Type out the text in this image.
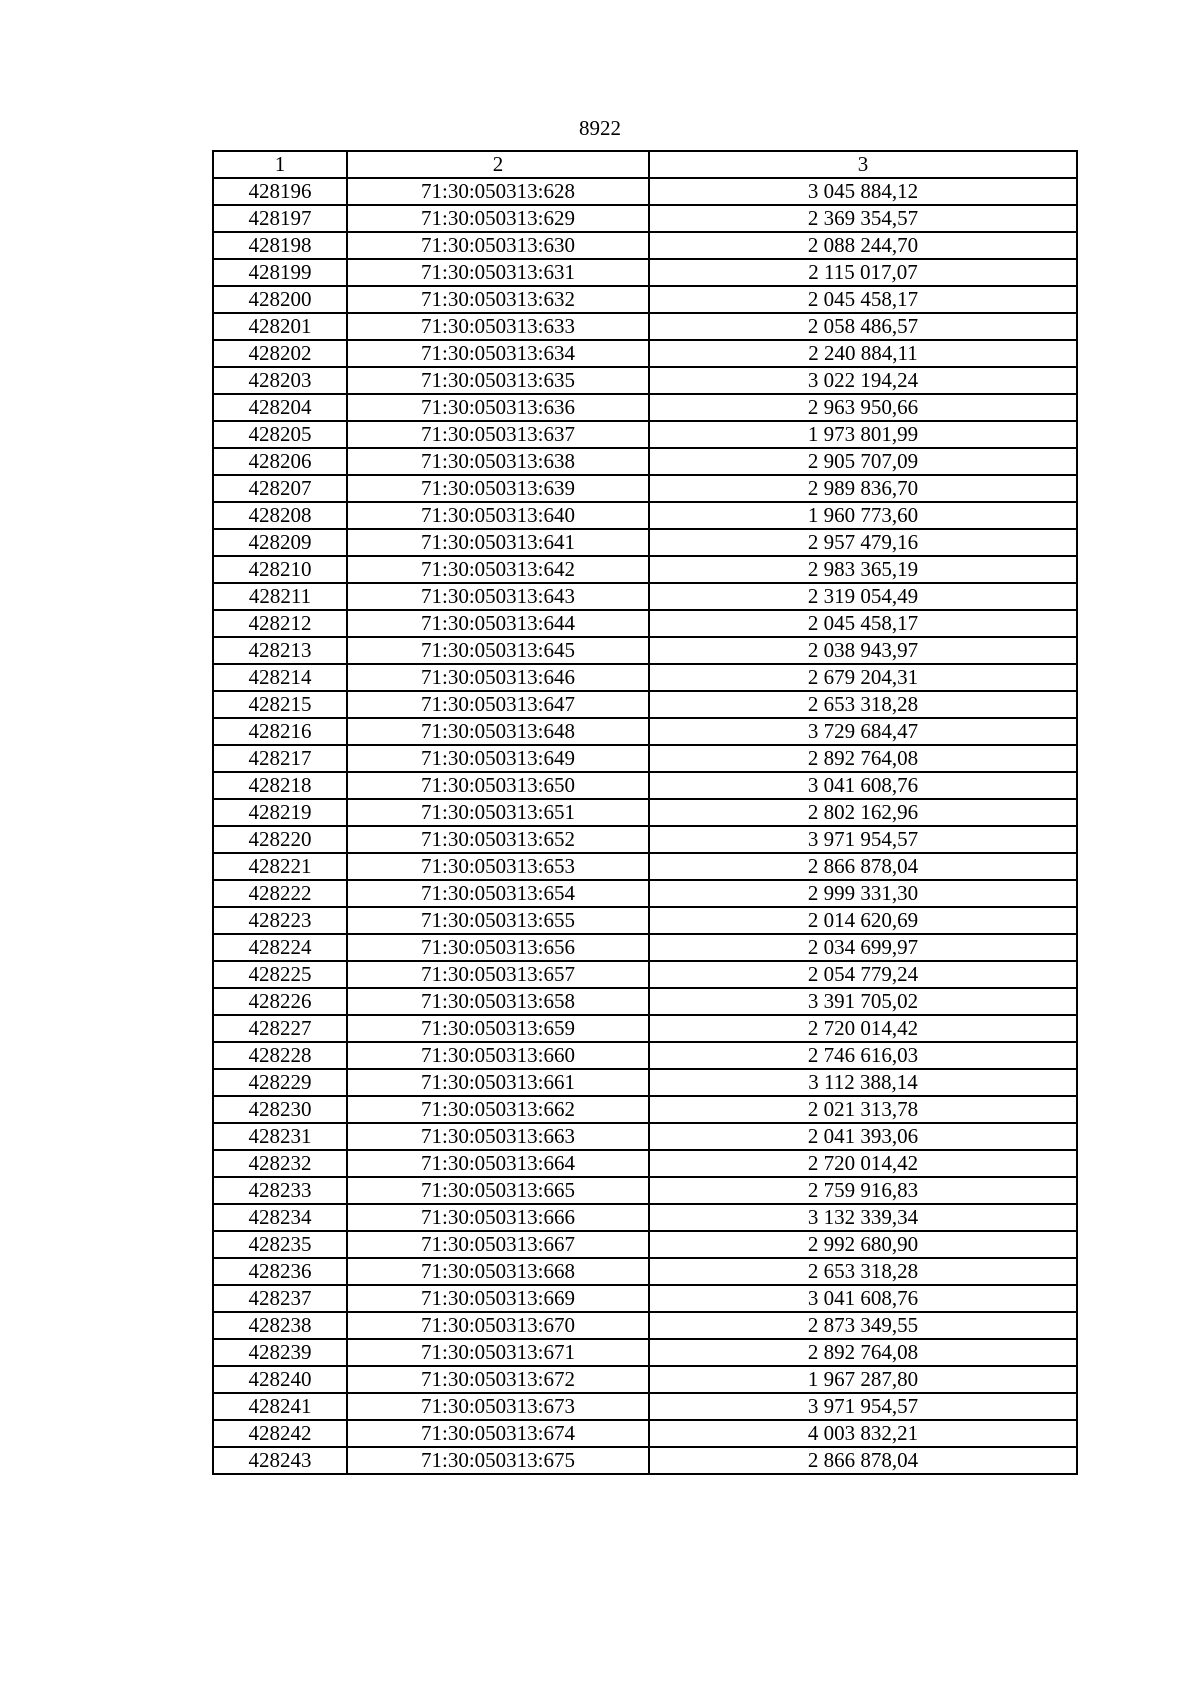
8922
1	2	3
428196	71:30:050313:628	3 045 884,12
428197	71:30:050313:629	2 369 354,57
428198	71:30:050313:630	2 088 244,70
428199	71:30:050313:631	2 115 017,07
428200	71:30:050313:632	2 045 458,17
428201	71:30:050313:633	2 058 486,57
428202	71:30:050313:634	2 240 884,11
428203	71:30:050313:635	3 022 194,24
428204	71:30:050313:636	2 963 950,66
428205	71:30:050313:637	1 973 801,99
428206	71:30:050313:638	2 905 707,09
428207	71:30:050313:639	2 989 836,70
428208	71:30:050313:640	1 960 773,60
428209	71:30:050313:641	2 957 479,16
428210	71:30:050313:642	2 983 365,19
428211	71:30:050313:643	2 319 054,49
428212	71:30:050313:644	2 045 458,17
428213	71:30:050313:645	2 038 943,97
428214	71:30:050313:646	2 679 204,31
428215	71:30:050313:647	2 653 318,28
428216	71:30:050313:648	3 729 684,47
428217	71:30:050313:649	2 892 764,08
428218	71:30:050313:650	3 041 608,76
428219	71:30:050313:651	2 802 162,96
428220	71:30:050313:652	3 971 954,57
428221	71:30:050313:653	2 866 878,04
428222	71:30:050313:654	2 999 331,30
428223	71:30:050313:655	2 014 620,69
428224	71:30:050313:656	2 034 699,97
428225	71:30:050313:657	2 054 779,24
428226	71:30:050313:658	3 391 705,02
428227	71:30:050313:659	2 720 014,42
428228	71:30:050313:660	2 746 616,03
428229	71:30:050313:661	3 112 388,14
428230	71:30:050313:662	2 021 313,78
428231	71:30:050313:663	2 041 393,06
428232	71:30:050313:664	2 720 014,42
428233	71:30:050313:665	2 759 916,83
428234	71:30:050313:666	3 132 339,34
428235	71:30:050313:667	2 992 680,90
428236	71:30:050313:668	2 653 318,28
428237	71:30:050313:669	3 041 608,76
428238	71:30:050313:670	2 873 349,55
428239	71:30:050313:671	2 892 764,08
428240	71:30:050313:672	1 967 287,80
428241	71:30:050313:673	3 971 954,57
428242	71:30:050313:674	4 003 832,21
428243	71:30:050313:675	2 866 878,04
